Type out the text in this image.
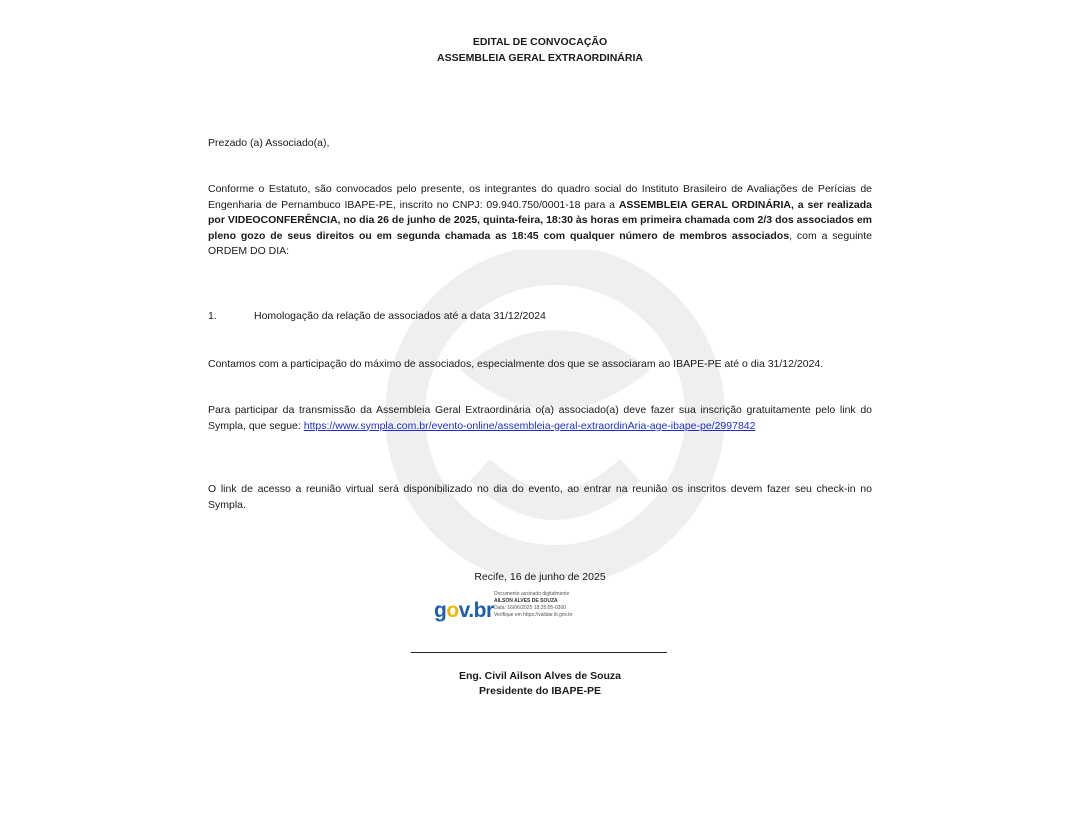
EDITAL DE CONVOCAÇÃO
ASSEMBLEIA GERAL EXTRAORDINÁRIA
Prezado (a) Associado(a),
Conforme o Estatuto, são convocados pelo presente, os integrantes do quadro social do Instituto Brasileiro de Avaliações de Perícias de Engenharia de Pernambuco IBAPE-PE, inscrito no CNPJ: 09.940.750/0001-18 para a ASSEMBLEIA GERAL ORDINÁRIA, a ser realizada por VIDEOCONFERÊNCIA, no dia 26 de junho de 2025, quinta-feira, 18:30 às horas em primeira chamada com 2/3 dos associados em pleno gozo de seus direitos ou em segunda chamada as 18:45 com qualquer número de membros associados, com a seguinte ORDEM DO DIA:
1.	Homologação da relação de associados até a data 31/12/2024
Contamos com a participação do máximo de associados, especialmente dos que se associaram ao IBAPE-PE até o dia 31/12/2024.
Para participar da transmissão da Assembleia Geral Extraordinária o(a) associado(a) deve fazer sua inscrição gratuitamente pelo link do Sympla, que segue: https://www.sympla.com.br/evento-online/assembleia-geral-extraordinAria-age-ibape-pe/2997842
O link de acesso a reunião virtual será disponibilizado no dia do evento, ao entrar na reunião os inscritos devem fazer seu check-in no Sympla.
Recife, 16 de junho de 2025
gov.br
Documento assinado digitalmente
AILSON ALVES DE SOUZA
Data: 16/06/2025 18:25:05-0300
Verifique em https://validar.iti.gov.br
Eng. Civil Ailson Alves de Souza
Presidente do IBAPE-PE
